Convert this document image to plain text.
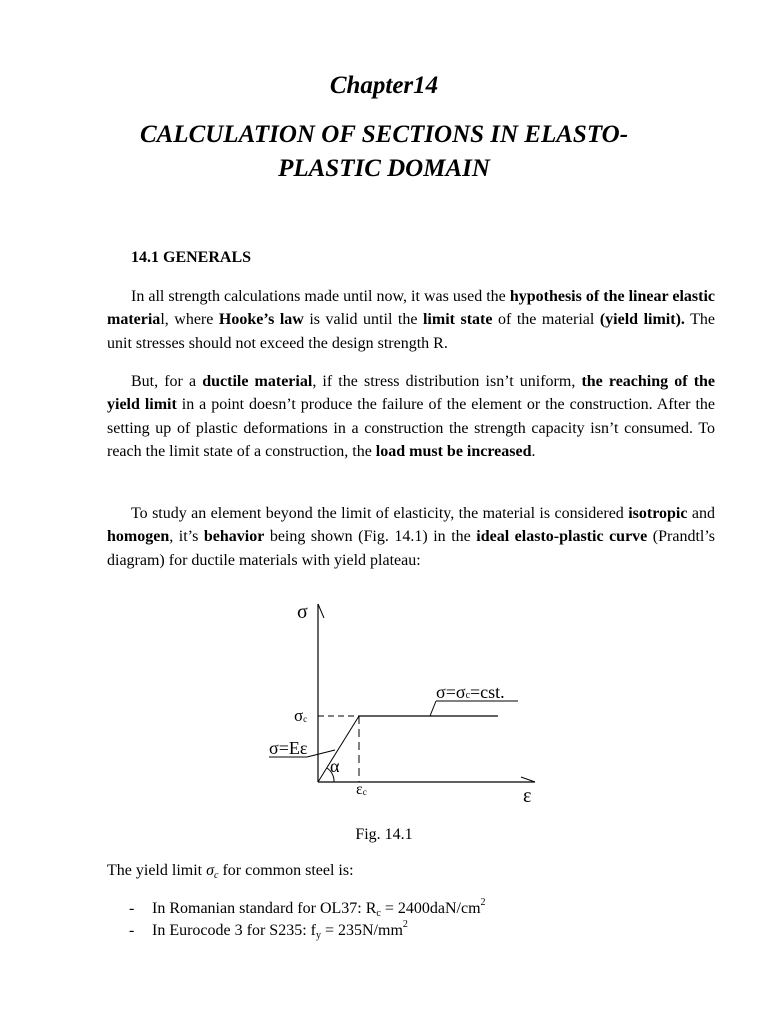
Chapter14
CALCULATION OF SECTIONS IN ELASTO-PLASTIC DOMAIN
14.1 GENERALS

In all strength calculations made until now, it was used the hypothesis of the linear elastic material, where Hooke’s law is valid until the limit state of the material (yield limit). The unit stresses should not exceed the design strength R.

But, for a ductile material, if the stress distribution isn’t uniform, the reaching of the yield limit in a point doesn’t produce the failure of the element or the construction. After the setting up of plastic deformations in a construction the strength capacity isn’t consumed. To reach the limit state of a construction, the load must be increased.

To study an element beyond the limit of elasticity, the material is considered isotropic and homogen, it’s behavior being shown (Fig. 14.1) in the ideal elasto-plastic curve (Prandtl’s diagram) for ductile materials with yield plateau:

σ
ε
σ=σc=cst.
σc
σ=Eε
α
εc
Fig. 14.1
The yield limit $\sigma_c$ for common steel is:
- In Romanian standard for OL37: $R_c = 2400daN/cm^2$
- In Eurocode 3 for S235: $f_y = 235N/mm^2$
